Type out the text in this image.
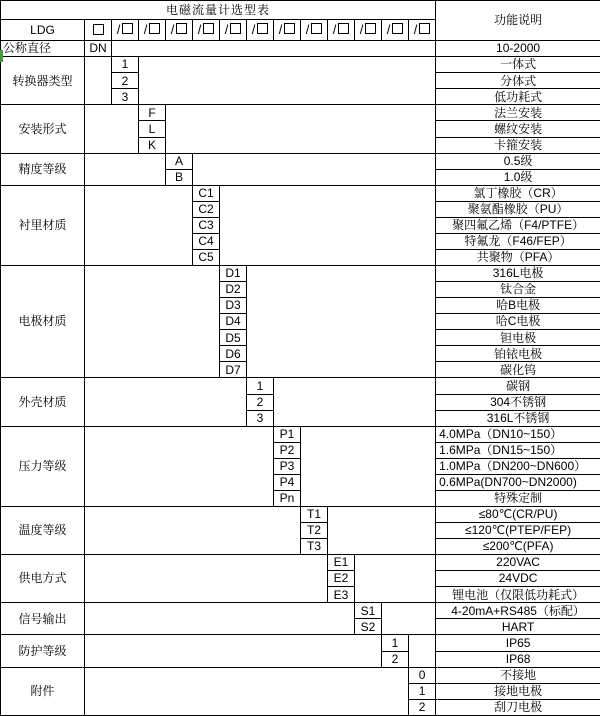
电磁流量计选型表														功能说明
LDG		/	/	/	/	/	/	/	/	/	/	/	/	
公称直径	DN													10-2000
转换器类型		1												一体式
		2												分体式
		3												低功耗式
安装形式			F											法兰安装
			L											螺纹安装
			K											卡箍安装
精度等级				A										0.5级
				B										1.0级
衬里材质					C1									氯丁橡胶（CR）
					C2									聚氨酯橡胶（PU）
					C3									聚四氟乙烯（F4/PTFE）
					C4									特氟龙（F46/FEP）
					C5									共聚物（PFA）
电极材质						D1								316L电极
						D2								钛合金
						D3								哈B电极
						D4								哈C电极
						D5								钽电极
						D6								铂铱电极
						D7								碳化钨
外壳材质							1							碳钢
							2							304不锈钢
							3							316L不锈钢
压力等级								P1						4.0MPa（DN10~150）
								P2						1.6MPa（DN15~150）
								P3						1.0MPa（DN200~DN600）
								P4						0.6MPa(DN700~DN2000)
								Pn						特殊定制
温度等级									T1					≤80℃(CR/PU)
									T2					≤120℃(PTEP/FEP)
									T3					≤200℃(PFA)
供电方式										E1				220VAC
										E2				24VDC
										E3				锂电池（仅限低功耗式）
信号输出											S1			4-20mA+RS485（标配）
											S2			HART
防护等级												1		IP65
												2		IP68
附件													0	不接地
													1	接地电极
													2	刮刀电极
